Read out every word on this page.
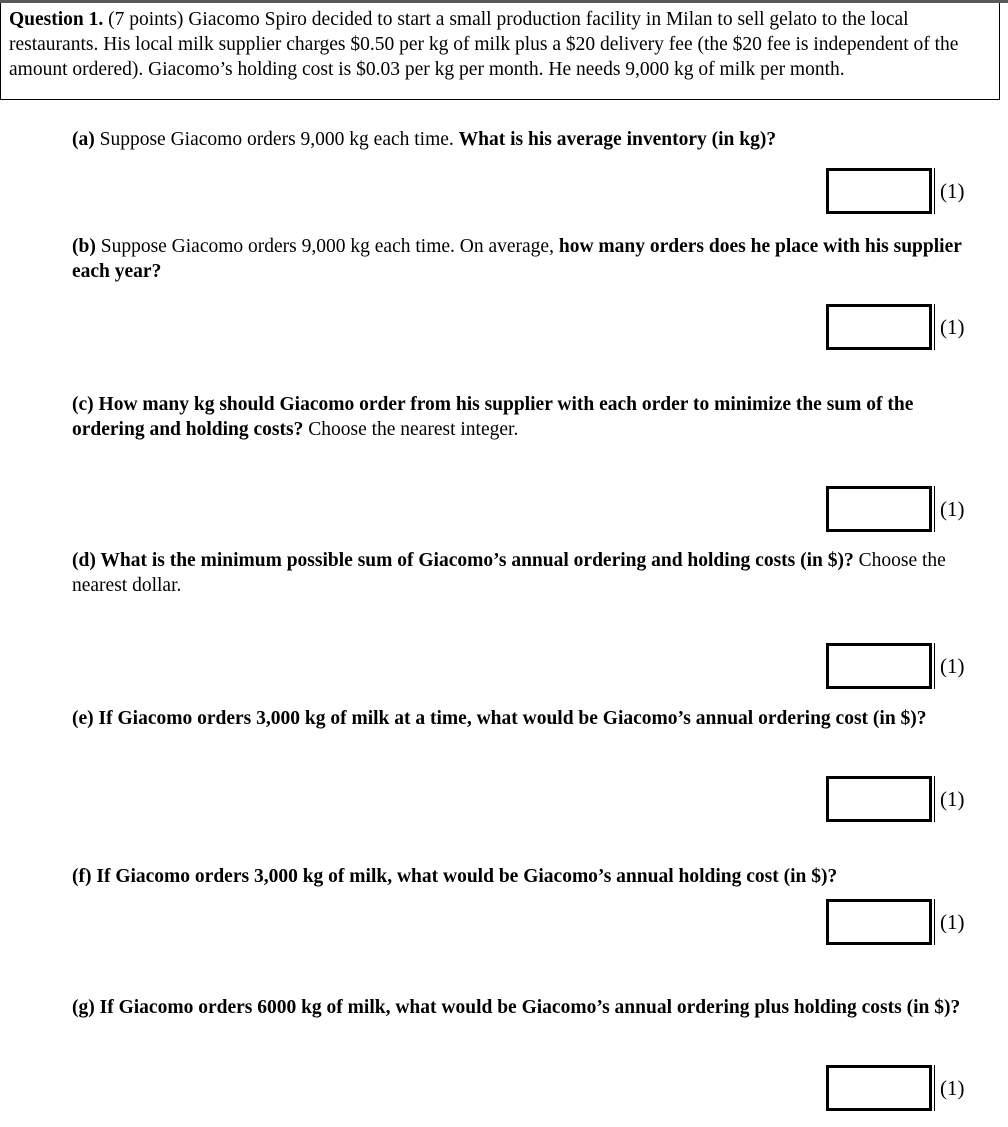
Question 1. (7 points) Giacomo Spiro decided to start a small production facility in Milan to sell gelato to the local restaurants. His local milk supplier charges $0.50 per kg of milk plus a $20 delivery fee (the $20 fee is independent of the amount ordered). Giacomo’s holding cost is $0.03 per kg per month. He needs 9,000 kg of milk per month.
(a) Suppose Giacomo orders 9,000 kg each time. What is his average inventory (in kg)?
(1)
(b) Suppose Giacomo orders 9,000 kg each time. On average, how many orders does he place with his supplier each year?
(1)
(c) How many kg should Giacomo order from his supplier with each order to minimize the sum of the ordering and holding costs? Choose the nearest integer.
(1)
(d) What is the minimum possible sum of Giacomo’s annual ordering and holding costs (in $)? Choose the nearest dollar.
(1)
(e) If Giacomo orders 3,000 kg of milk at a time, what would be Giacomo’s annual ordering cost (in $)?
(1)
(f) If Giacomo orders 3,000 kg of milk, what would be Giacomo’s annual holding cost (in $)?
(1)
(g) If Giacomo orders 6000 kg of milk, what would be Giacomo’s annual ordering plus holding costs (in $)?
(1)
